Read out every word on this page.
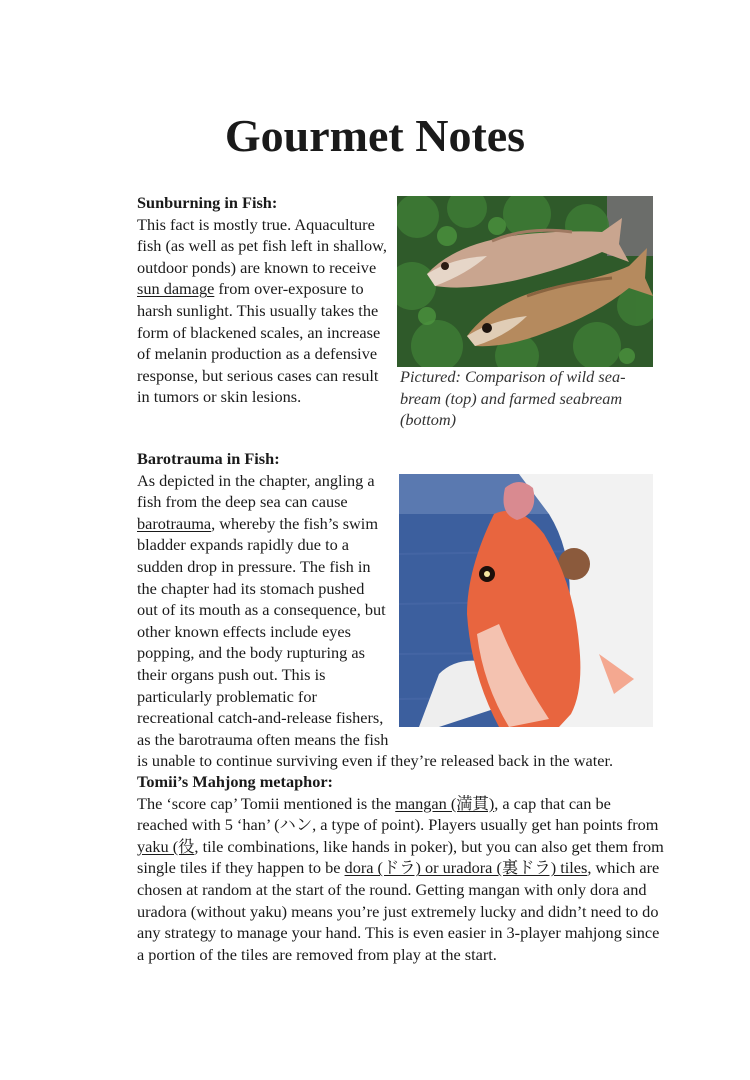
Gourmet Notes
Sunburning in Fish:

This fact is mostly true. Aquaculture fish (as well as pet fish left in shallow, outdoor ponds) are known to receive sun damage from over-exposure to harsh sunlight. This usually takes the form of blackened scales, an increase of melanin production as a defensive response, but serious cases can result in tumors or skin lesions.

Pictured: Comparison of wild sea-bream (top) and farmed seabream (bottom)
Barotrauma in Fish:

As depicted in the chapter, angling a fish from the deep sea can cause barotrauma, whereby the fish’s swim bladder expands rapidly due to a sudden drop in pressure. The fish in the chapter had its stomach pushed out of its mouth as a consequence, but other known effects include eyes popping, and the body rupturing as their organs push out. This is particularly problematic for recreational catch-and-release fishers, as the barotrauma often means the fish is unable to continue surviving even if they’re released back in the water.

Tomii’s Mahjong metaphor:

The ‘score cap’ Tomii mentioned is the mangan (満貫), a cap that can be reached with 5 ‘han’ (ハン, a type of point). Players usually get han points from yaku (役, tile combinations, like hands in poker), but you can also get them from single tiles if they happen to be dora (ドラ) or uradora (裏ドラ) tiles, which are chosen at random at the start of the round. Getting mangan with only dora and uradora (without yaku) means you’re just extremely lucky and didn’t need to do any strategy to manage your hand. This is even easier in 3-player mahjong since a portion of the tiles are removed from play at the start.
